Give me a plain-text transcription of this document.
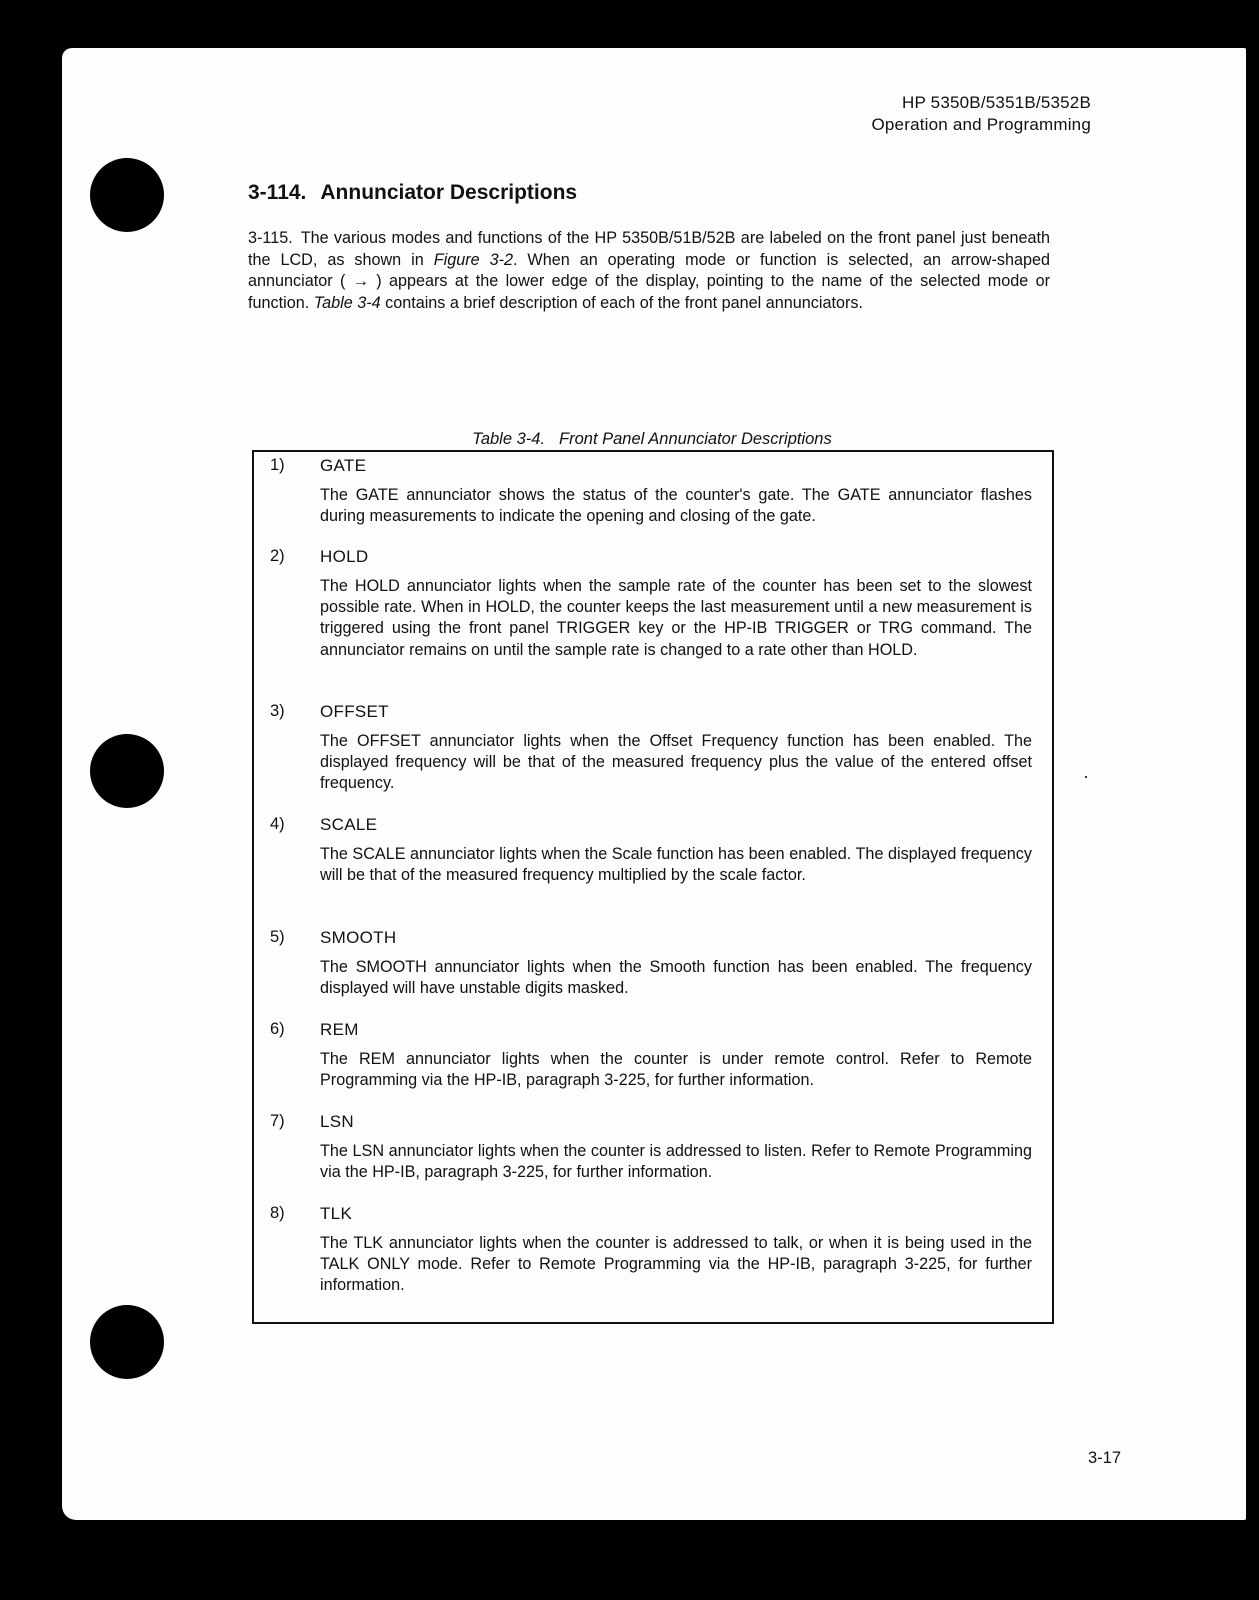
HP 5350B/5351B/5352B
Operation and Programming
3-114. Annunciator Descriptions

3-115. The various modes and functions of the HP 5350B/51B/52B are labeled on the front panel just beneath the LCD, as shown in Figure 3-2. When an operating mode or function is selected, an arrow-shaped annunciator ( → ) appears at the lower edge of the display, pointing to the name of the selected mode or function. Table 3-4 contains a brief description of each of the front panel annunciators.

Table 3-4. Front Panel Annunciator Descriptions
1) GATE

The GATE annunciator shows the status of the counter's gate. The GATE annunciator flashes during measurements to indicate the opening and closing of the gate.

2) HOLD

The HOLD annunciator lights when the sample rate of the counter has been set to the slowest possible rate. When in HOLD, the counter keeps the last measurement until a new measurement is triggered using the front panel TRIGGER key or the HP-IB TRIGGER or TRG command. The annunciator remains on until the sample rate is changed to a rate other than HOLD.

3) OFFSET

The OFFSET annunciator lights when the Offset Frequency function has been enabled. The displayed frequency will be that of the measured frequency plus the value of the entered offset frequency.

4) SCALE

The SCALE annunciator lights when the Scale function has been enabled. The displayed frequency will be that of the measured frequency multiplied by the scale factor.

5) SMOOTH

The SMOOTH annunciator lights when the Smooth function has been enabled. The frequency displayed will have unstable digits masked.

6) REM

The REM annunciator lights when the counter is under remote control. Refer to Remote Programming via the HP-IB, paragraph 3-225, for further information.

7) LSN

The LSN annunciator lights when the counter is addressed to listen. Refer to Remote Programming via the HP-IB, paragraph 3-225, for further information.

8) TLK

The TLK annunciator lights when the counter is addressed to talk, or when it is being used in the TALK ONLY mode. Refer to Remote Programming via the HP-IB, paragraph 3-225, for further information.

3-17
